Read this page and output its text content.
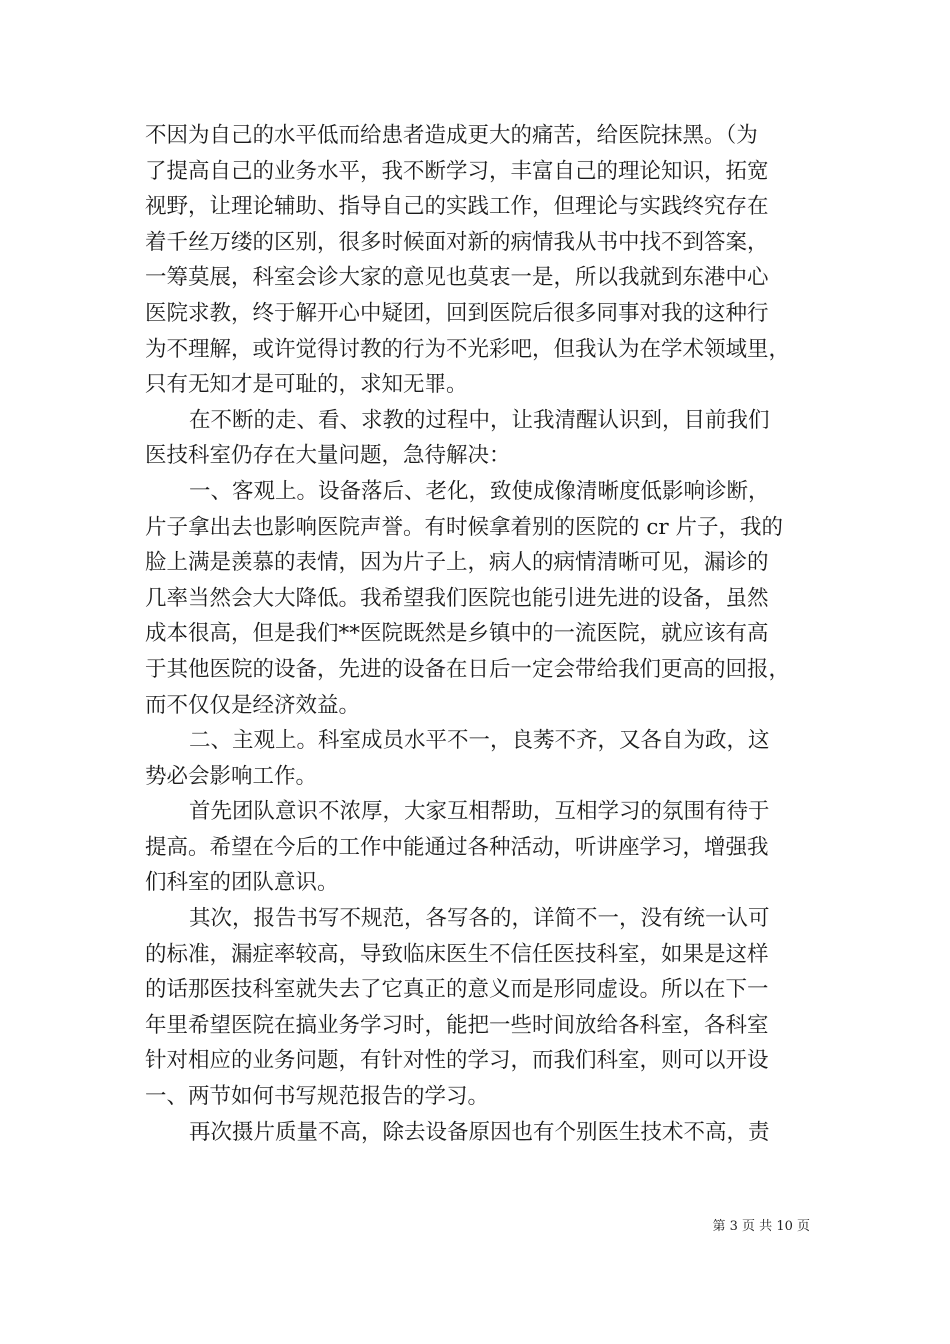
不因为自己的水平低而给患者造成更大的痛苦，给医院抹黑。（为
了提高自己的业务水平，我不断学习，丰富自己的理论知识，拓宽
视野，让理论辅助、指导自己的实践工作，但理论与实践终究存在
着千丝万缕的区别，很多时候面对新的病情我从书中找不到答案，
一筹莫展，科室会诊大家的意见也莫衷一是，所以我就到东港中心
医院求教，终于解开心中疑团，回到医院后很多同事对我的这种行
为不理解，或许觉得讨教的行为不光彩吧，但我认为在学术领域里，
只有无知才是可耻的，求知无罪。
在不断的走、看、求教的过程中，让我清醒认识到，目前我们
医技科室仍存在大量问题，急待解决：
一、客观上。设备落后、老化，致使成像清晰度低影响诊断，
片子拿出去也影响医院声誉。有时候拿着别的医院的 cr 片子，我的
脸上满是羡慕的表情，因为片子上，病人的病情清晰可见，漏诊的
几率当然会大大降低。我希望我们医院也能引进先进的设备，虽然
成本很高，但是我们**医院既然是乡镇中的一流医院，就应该有高
于其他医院的设备，先进的设备在日后一定会带给我们更高的回报，
而不仅仅是经济效益。
二、主观上。科室成员水平不一，良莠不齐，又各自为政，这
势必会影响工作。
首先团队意识不浓厚，大家互相帮助，互相学习的氛围有待于
提高。希望在今后的工作中能通过各种活动，听讲座学习，增强我
们科室的团队意识。
其次，报告书写不规范，各写各的，详简不一，没有统一认可
的标准，漏症率较高，导致临床医生不信任医技科室，如果是这样
的话那医技科室就失去了它真正的意义而是形同虚设。所以在下一
年里希望医院在搞业务学习时，能把一些时间放给各科室，各科室
针对相应的业务问题，有针对性的学习，而我们科室，则可以开设
一、两节如何书写规范报告的学习。
再次摄片质量不高，除去设备原因也有个别医生技术不高，责
第 3 页 共 10 页
